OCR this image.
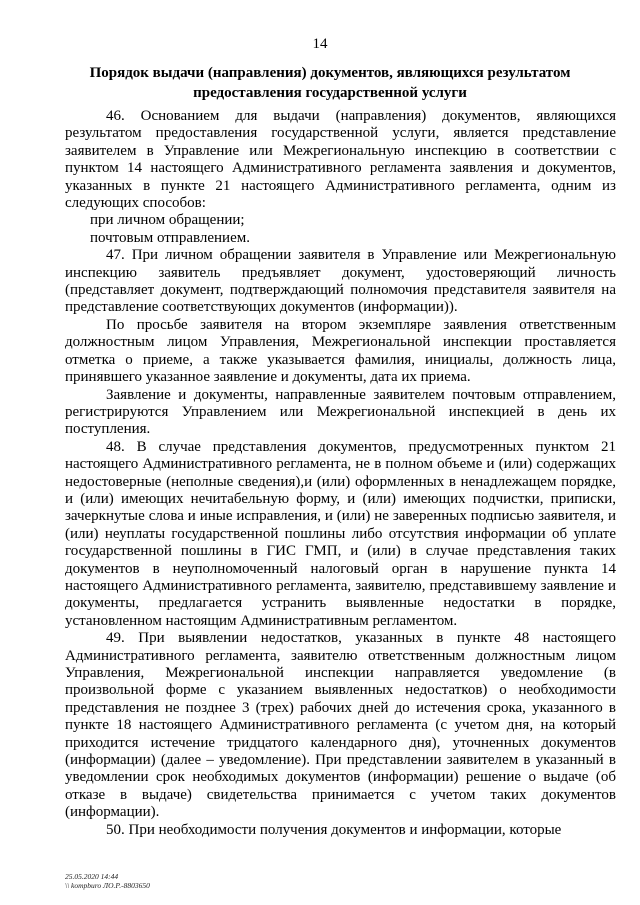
14
Порядок выдачи (направления) документов, являющихся результатом
предоставления государственной услуги

46. Основанием для выдачи (направления) документов, являющихся результатом предоставления государственной услуги, является представление заявителем в Управление или Межрегиональную инспекцию в соответствии с пунктом 14 настоящего Административного регламента заявления и документов, указанных в пункте 21 настоящего Административного регламента, одним из следующих способов:

при личном обращении;

почтовым отправлением.

47. При личном обращении заявителя в Управление или Межрегиональную инспекцию заявитель предъявляет документ, удостоверяющий личность (представляет документ, подтверждающий полномочия представителя заявителя на представление соответствующих документов (информации)).

По просьбе заявителя на втором экземпляре заявления ответственным должностным лицом Управления, Межрегиональной инспекции проставляется отметка о приеме, а также указывается фамилия, инициалы, должность лица, принявшего указанное заявление и документы, дата их приема.

Заявление и документы, направленные заявителем почтовым отправлением, регистрируются Управлением или Межрегиональной инспекцией в день их поступления.

48. В случае представления документов, предусмотренных пунктом 21 настоящего Административного регламента, не в полном объеме и (или) содержащих недостоверные (неполные сведения),и (или) оформленных в ненадлежащем порядке, и (или) имеющих нечитабельную форму, и (или) имеющих подчистки, приписки, зачеркнутые слова и иные исправления, и (или) не заверенных подписью заявителя, и (или) неуплаты государственной пошлины либо отсутствия информации об уплате государственной пошлины в ГИС ГМП, и (или) в случае представления таких документов в неуполномоченный налоговый орган в нарушение пункта 14 настоящего Административного регламента, заявителю, представившему заявление и документы, предлагается устранить выявленные недостатки в порядке, установленном настоящим Административным регламентом.

49. При выявлении недостатков, указанных в пункте 48 настоящего Административного регламента, заявителю ответственным должностным лицом Управления, Межрегиональной инспекции направляется уведомление (в произвольной форме с указанием выявленных недостатков) о необходимости представления не позднее 3 (трех) рабочих дней до истечения срока, указанного в пункте 18 настоящего Административного регламента (с учетом дня, на который приходится истечение тридцатого календарного дня), уточненных документов (информации) (далее – уведомление). При представлении заявителем в указанный в уведомлении срок необходимых документов (информации) решение о выдаче (об отказе в выдаче) свидетельства принимается с учетом таких документов (информации).

50. При необходимости получения документов и информации, которые

25.05.2020 14:44
\\ kompburo ЛО.Р.-8803650
